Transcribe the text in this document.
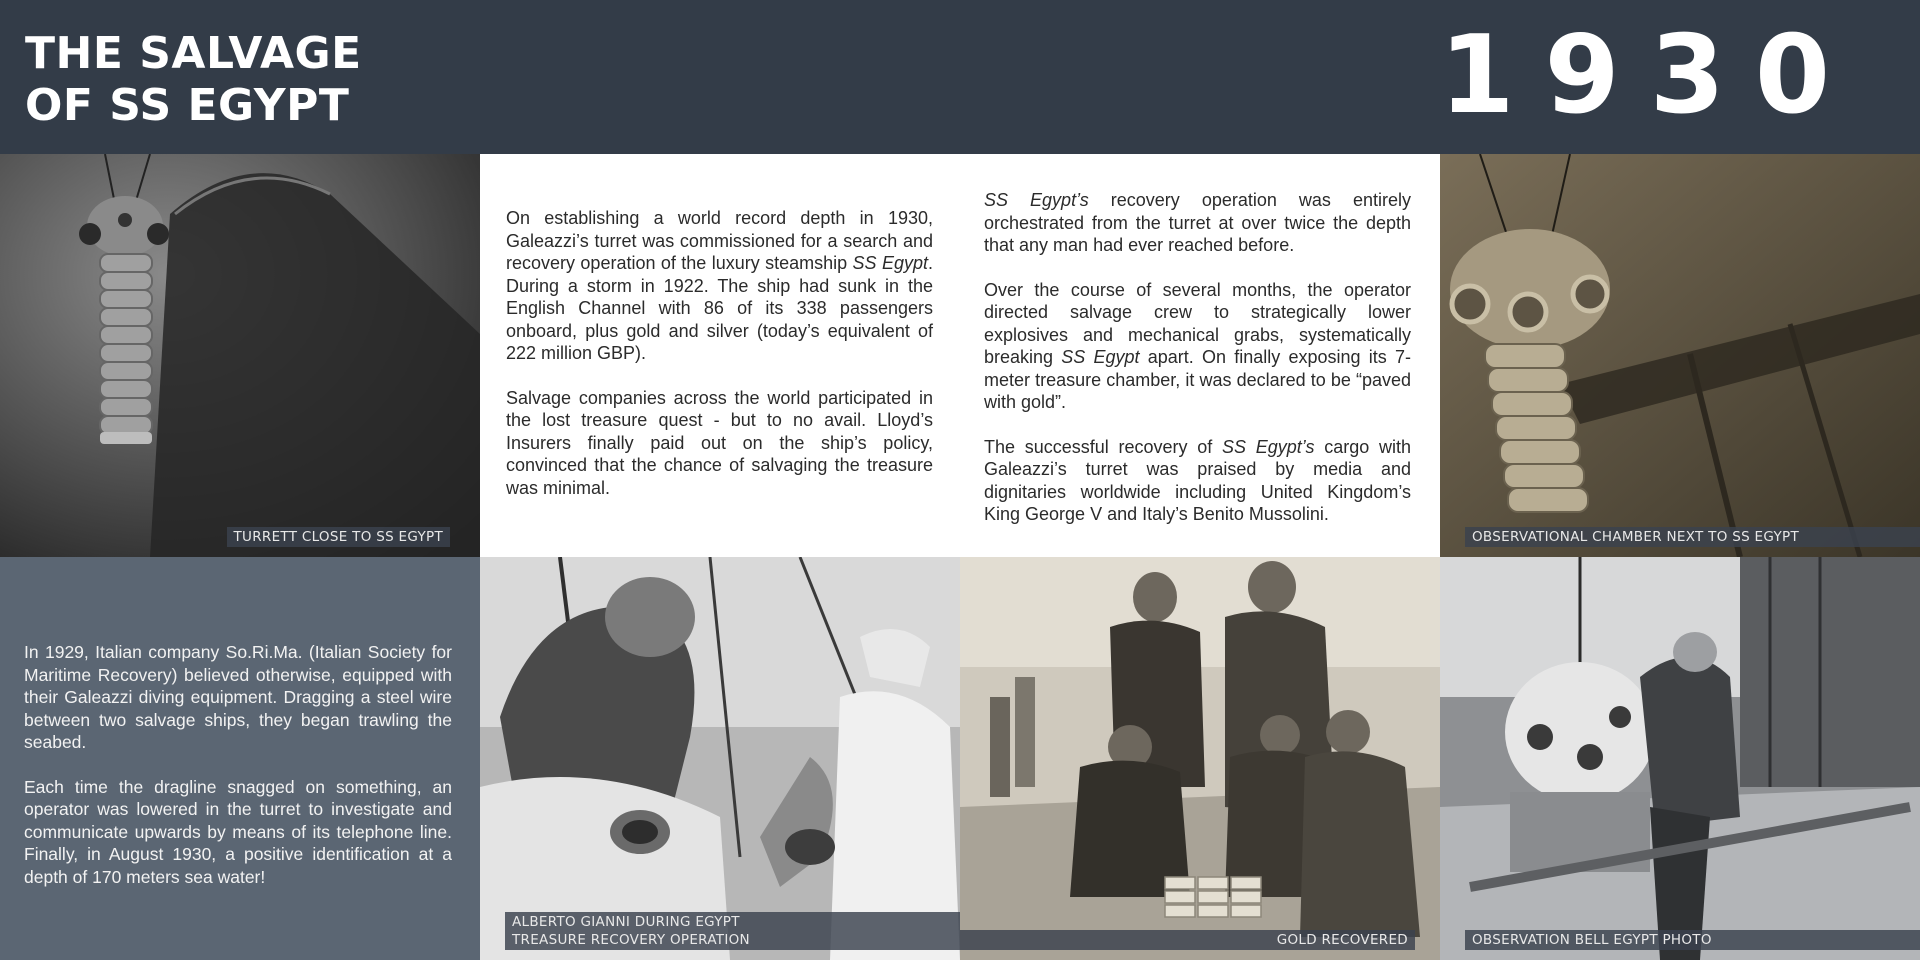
THE SALVAGE
OF SS EGYPT	1930
TURRETT CLOSE TO SS EGYPT

On establishing a world record depth in 1930, Galeazzi’s turret was commissioned for a search and recovery operation of the luxury steamship SS Egypt. During a storm in 1922. The ship had sunk in the English Channel with 86 of its 338 passengers onboard, plus gold and silver (today’s equivalent of 222 million GBP).

Salvage companies across the world participated in the lost treasure quest - but to no avail. Lloyd’s Insurers finally paid out on the ship’s policy, convinced that the chance of salvaging the treasure was minimal.

SS Egypt’s recovery operation was entirely orchestrated from the turret at over twice the depth that any man had ever reached before.

Over the course of several months, the operator directed salvage crew to strategically lower explosives and mechanical grabs, systematically breaking SS Egypt apart. On finally exposing its 7-meter treasure chamber, it was declared to be “paved with gold”.

The successful recovery of SS Egypt’s cargo with Galeazzi’s turret was praised by media and dignitaries worldwide including United Kingdom’s King George V and Italy’s Benito Mussolini.

OBSERVATIONAL CHAMBER NEXT TO SS EGYPT

In 1929, Italian company So.Ri.Ma. (Italian Society for Maritime Recovery) believed otherwise, equipped with their Galeazzi diving equipment. Dragging a steel wire between two salvage ships, they began trawling the seabed.

Each time the dragline snagged on something, an operator was lowered in the turret to investigate and communicate upwards by means of its telephone line. Finally, in August 1930, a positive identification at a depth of 170 meters sea water!

ALBERTO GIANNI DURING EGYPT
TREASURE RECOVERY OPERATION	GOLD RECOVERED	OBSERVATION BELL EGYPT PHOTO
